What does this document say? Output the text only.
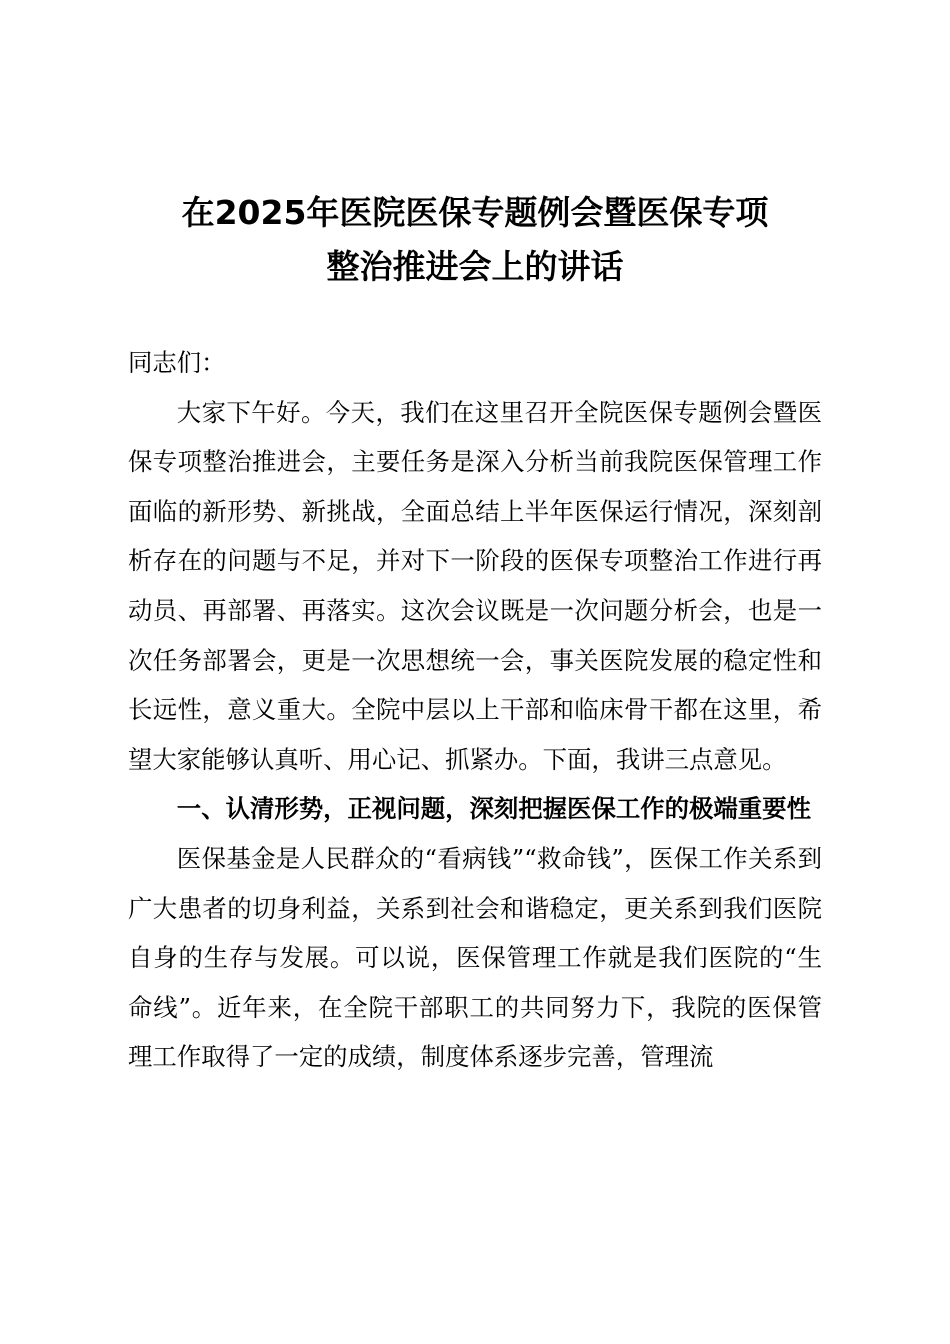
在2025年医院医保专题例会暨医保专项
整治推进会上的讲话

同志们：

大家下午好。今天，我们在这里召开全院医保专题例会暨医保专项整治推进会，主要任务是深入分析当前我院医保管理工作面临的新形势、新挑战，全面总结上半年医保运行情况，深刻剖析存在的问题与不足，并对下一阶段的医保专项整治工作进行再动员、再部署、再落实。这次会议既是一次问题分析会，也是一次任务部署会，更是一次思想统一会，事关医院发展的稳定性和长远性，意义重大。全院中层以上干部和临床骨干都在这里，希望大家能够认真听、用心记、抓紧办。下面，我讲三点意见。

一、认清形势，正视问题，深刻把握医保工作的极端重要性

医保基金是人民群众的“看病钱”“救命钱”，医保工作关系到广大患者的切身利益，关系到社会和谐稳定，更关系到我们医院自身的生存与发展。可以说，医保管理工作就是我们医院的“生命线”。近年来，在全院干部职工的共同努力下，我院的医保管理工作取得了一定的成绩，制度体系逐步完善，管理流
